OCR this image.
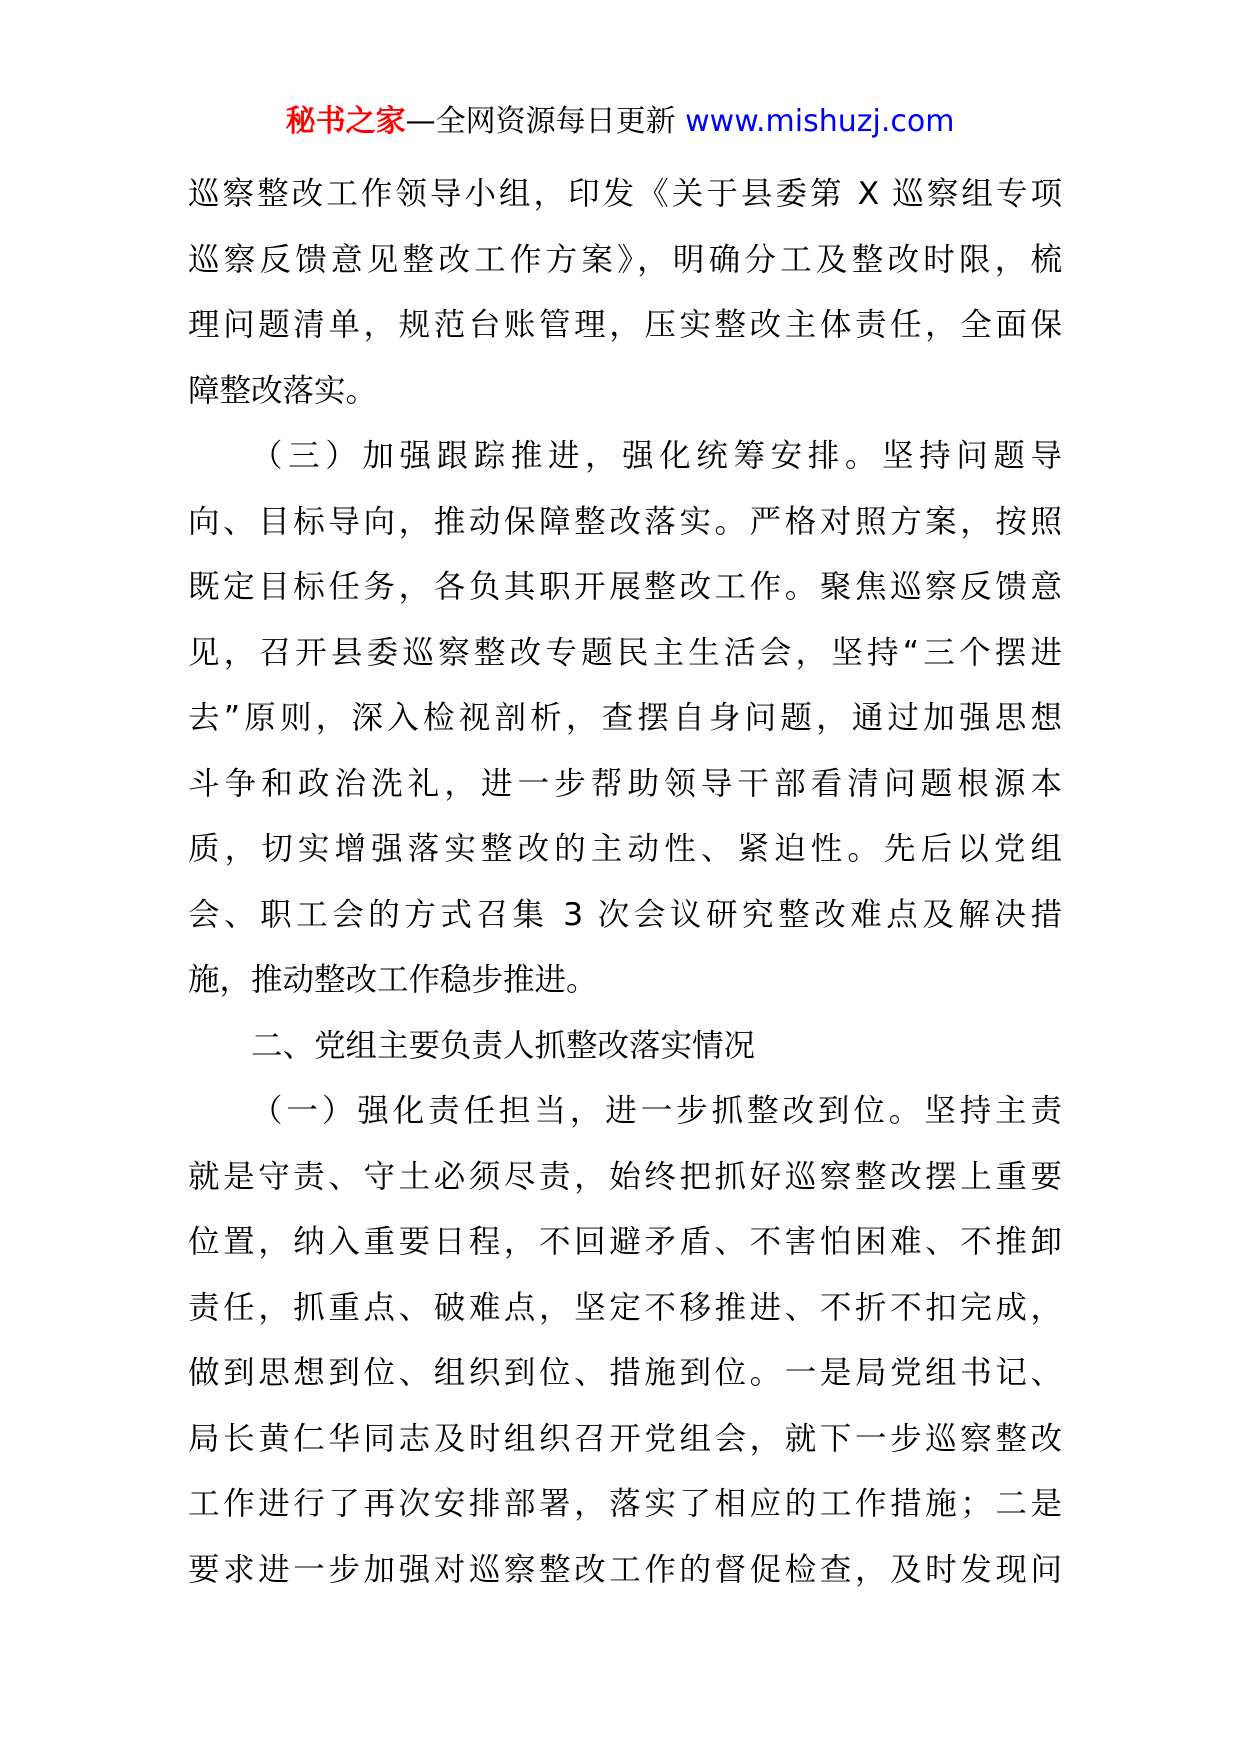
秘书之家—全网资源每日更新 www.mishuzj.com
巡察整改工作领导小组，印发《关于县委第 X 巡察组专项
巡察反馈意见整改工作方案》，明确分工及整改时限，梳
理问题清单，规范台账管理，压实整改主体责任，全面保
障整改落实。
（三）加强跟踪推进，强化统筹安排。坚持问题导
向、目标导向，推动保障整改落实。严格对照方案，按照
既定目标任务，各负其职开展整改工作。聚焦巡察反馈意
见，召开县委巡察整改专题民主生活会，坚持“三个摆进
去”原则，深入检视剖析，查摆自身问题，通过加强思想
斗争和政治洗礼，进一步帮助领导干部看清问题根源本
质，切实增强落实整改的主动性、紧迫性。先后以党组
会、职工会的方式召集 3 次会议研究整改难点及解决措
施，推动整改工作稳步推进。
二、党组主要负责人抓整改落实情况
（一）强化责任担当，进一步抓整改到位。坚持主责
就是守责、守土必须尽责，始终把抓好巡察整改摆上重要
位置，纳入重要日程，不回避矛盾、不害怕困难、不推卸
责任，抓重点、破难点，坚定不移推进、不折不扣完成，
做到思想到位、组织到位、措施到位。一是局党组书记、
局长黄仁华同志及时组织召开党组会，就下一步巡察整改
工作进行了再次安排部署，落实了相应的工作措施；二是
要求进一步加强对巡察整改工作的督促检查，及时发现问
